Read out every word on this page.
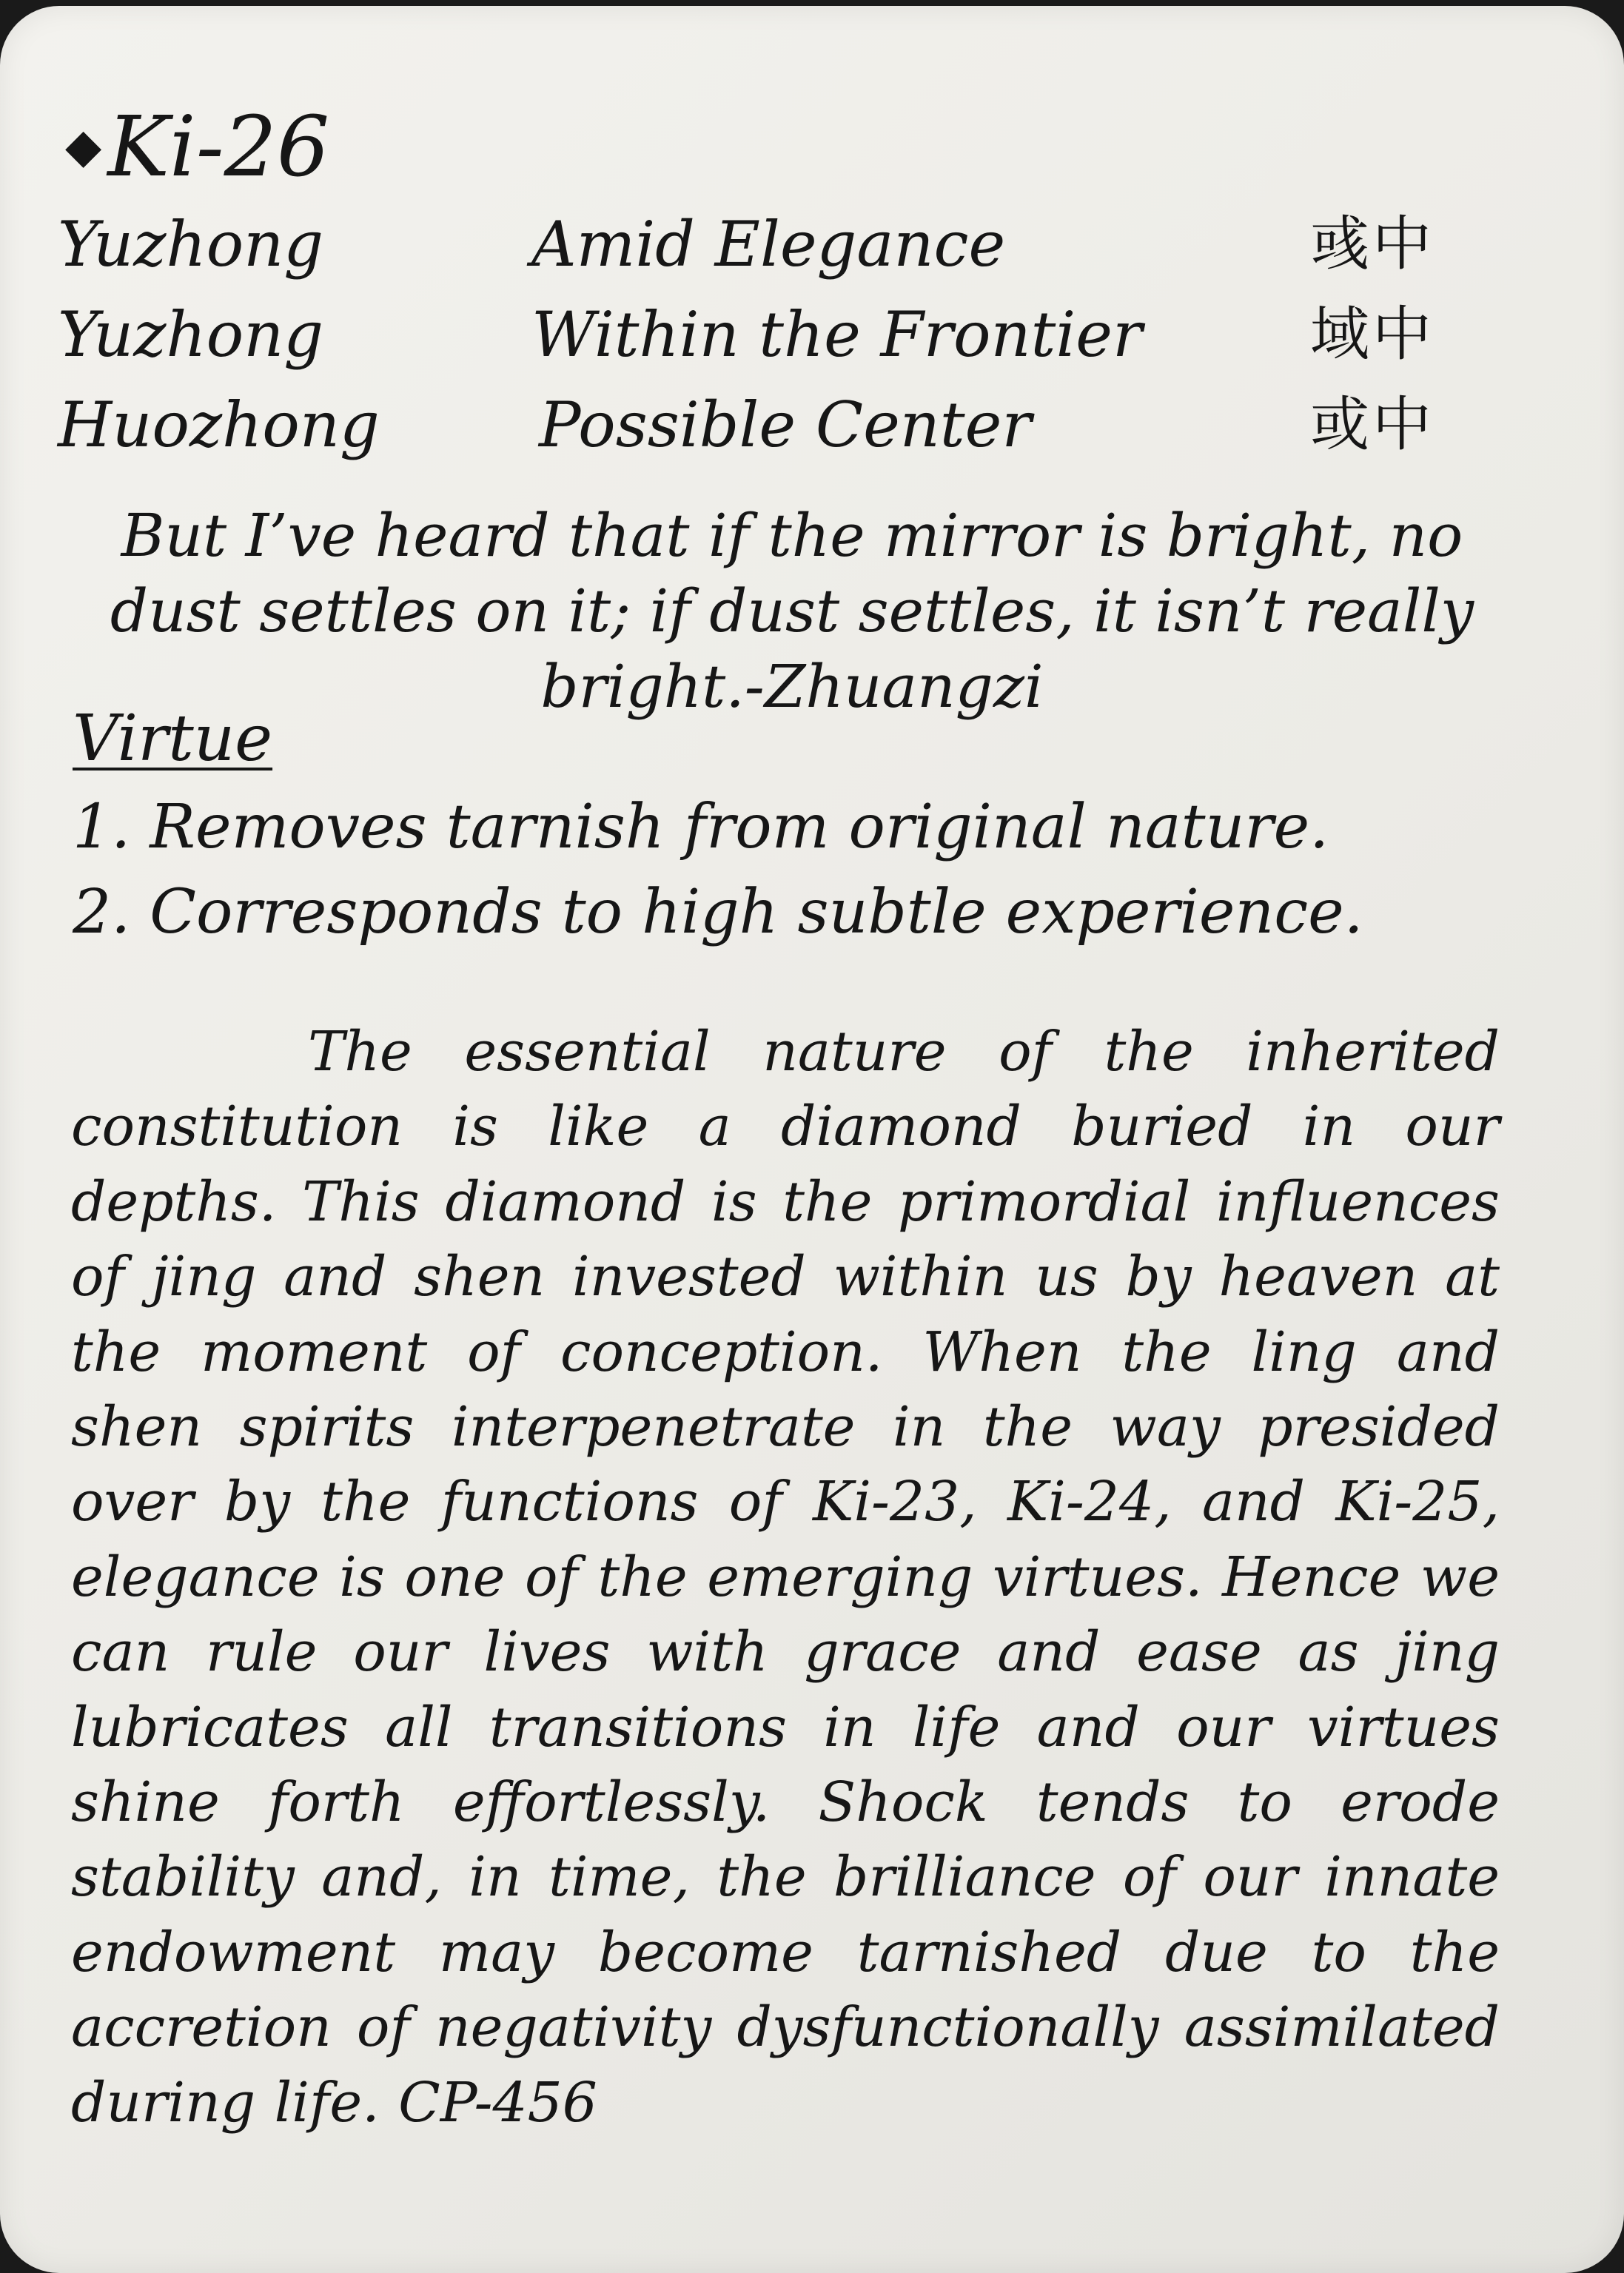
◆Ki-26
Yuzhong	Amid Elegance	彧中
Yuzhong	Within the Frontier	域中
Huozhong	Possible Center	或中
But I’ve heard that if the mirror is bright, no dust settles on it; if dust settles, it isn’t really bright.-Zhuangzi
Virtue
1. Removes tarnish from original nature.
2. Corresponds to high subtle experience.
The essential nature of the inherited constitution is like a diamond buried in our depths. This diamond is the primordial influences of jing and shen invested within us by heaven at the moment of conception. When the ling and shen spirits interpenetrate in the way presided over by the functions of Ki-23, Ki-24, and Ki-25, elegance is one of the emerging virtues. Hence we can rule our lives with grace and ease as jing lubricates all transitions in life and our virtues shine forth effortlessly. Shock tends to erode stability and, in time, the brilliance of our innate endowment may become tarnished due to the accretion of negativity dysfunctionally assimilated during life. CP-456
